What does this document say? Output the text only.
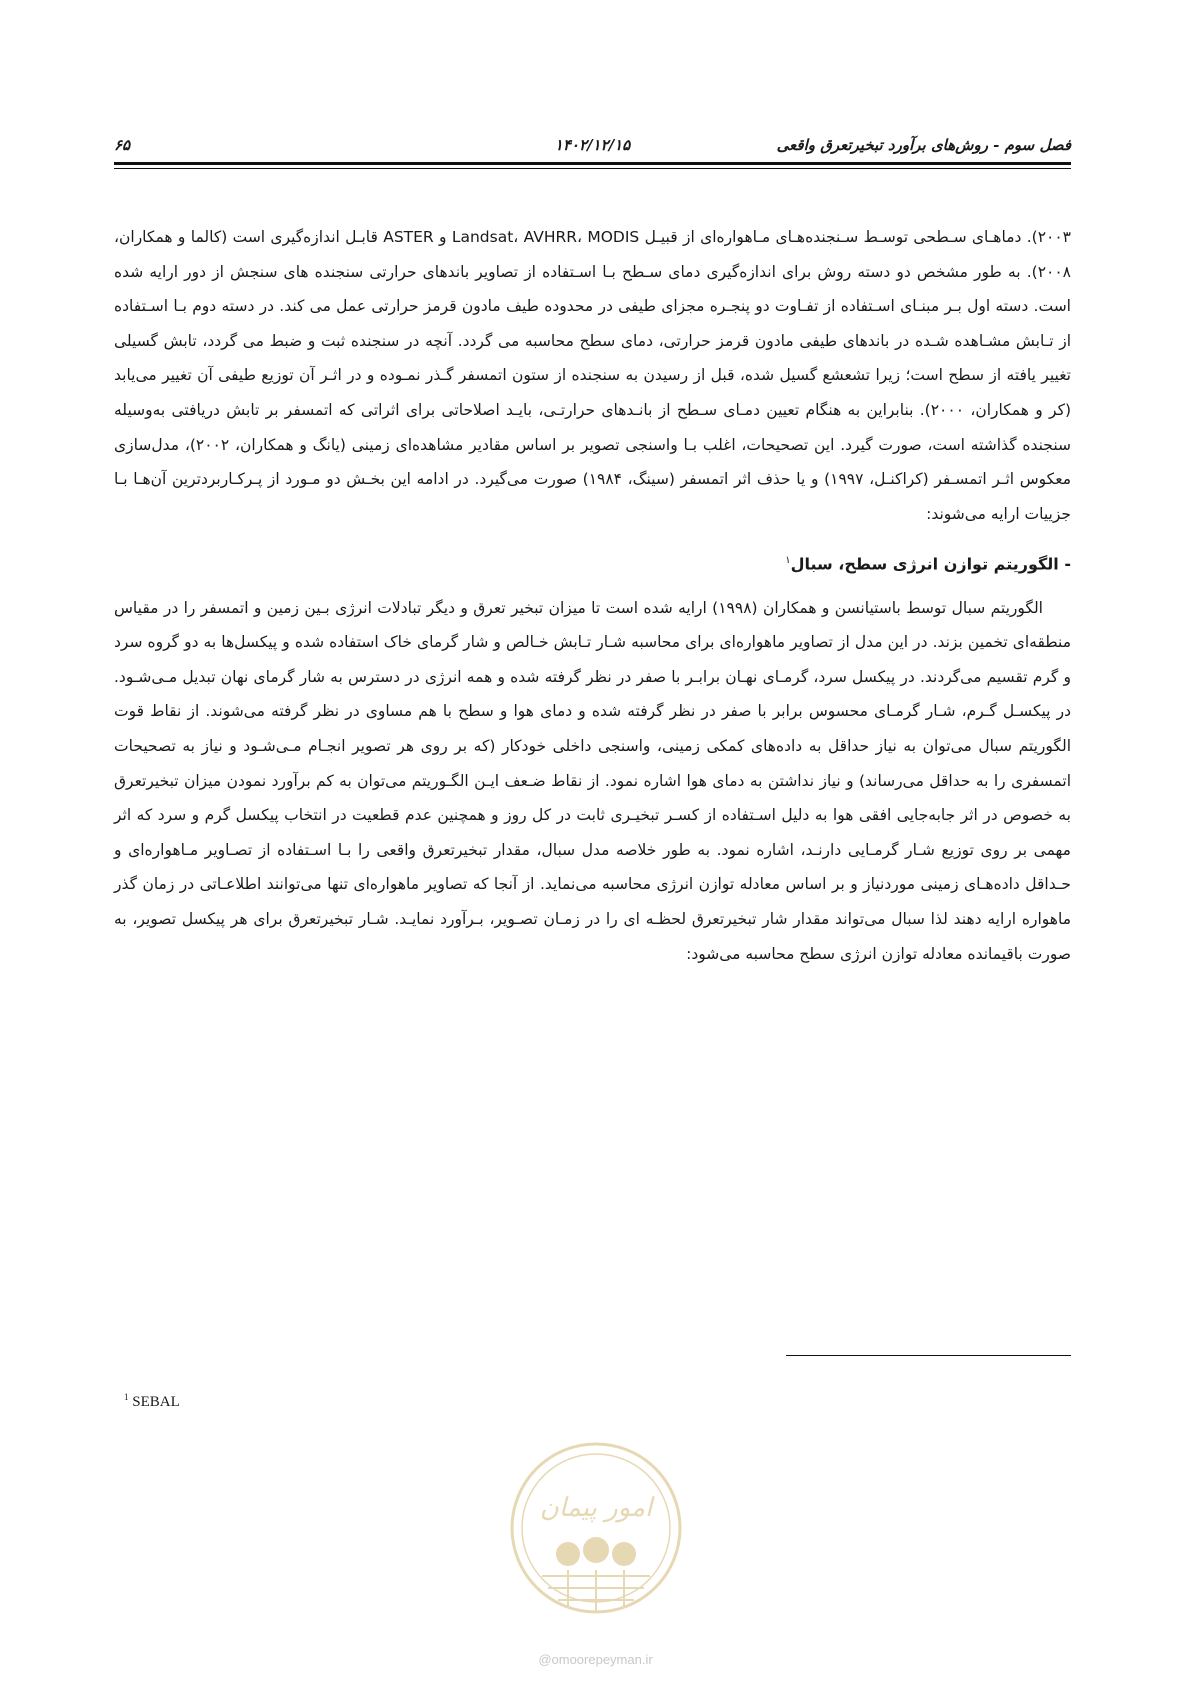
فصل سوم - روش‌های برآورد تبخیرتعرق واقعی
۱۴۰۲/۱۲/۱۵
۶۵

۲۰۰۳). دماهـای سـطحی توسـط سـنجنده‌هـای مـاهواره‌ای از قبیـل Landsat، AVHRR، MODIS و ASTER قابـل اندازه‌گیری است (کالما و همکاران، ۲۰۰۸). به طور مشخص دو دسته روش برای اندازه‌گیری دمای سـطح بـا اسـتفاده از تصاویر باندهای حرارتی سنجنده های سنجش از دور ارایه شده است. دسته اول بـر مبنـای اسـتفاده از تفـاوت دو پنجـره مجزای طیفی در محدوده طیف مادون قرمز حرارتی عمل می کند. در دسته دوم بـا اسـتفاده از تـابش مشـاهده شـده در باندهای طیفی مادون قرمز حرارتی، دمای سطح محاسبه می گردد. آنچه در سنجنده ثبت و ضبط می گردد، تابش گسیلی تغییر یافته از سطح است؛ زیرا تشعشع گسیل شده، قبل از رسیدن به سنجنده از ستون اتمسفر گـذر نمـوده و در اثـر آن توزیع طیفی آن تغییر می‌یابد (کر و همکاران، ۲۰۰۰). بنابراین به هنگام تعیین دمـای سـطح از بانـدهای حرارتـی، بایـد اصلاحاتی برای اثراتی که اتمسفر بر تابش دریافتی به‌وسیله سنجنده گذاشته است، صورت گیرد. این تصحیحات، اغلب بـا واسنجی تصویر بر اساس مقادیر مشاهده‌ای زمینی (یانگ و همکاران، ۲۰۰۲)، مدل‌سازی معکوس اثـر اتمسـفر (کراکنـل، ۱۹۹۷) و یا حذف اثر اتمسفر (سینگ، ۱۹۸۴) صورت می‌گیرد. در ادامه این بخـش دو مـورد از پـرکـاربردترین آن‌هـا بـا جزییات ارایه می‌شوند:

- الگوریتم توازن انرژی سطح، سبال$^۱$

الگوریتم سبال توسط باستیانسن و همکاران (۱۹۹۸) ارایه شده است تا میزان تبخیر تعرق و دیگر تبادلات انرژی بـین زمین و اتمسفر را در مقیاس منطقه‌ای تخمین بزند. در این مدل از تصاویر ماهواره‌ای برای محاسبه شـار تـابش خـالص و شار گرمای خاک استفاده شده و پیکسل‌ها به دو گروه سرد و گرم تقسیم می‌گردند. در پیکسل سرد، گرمـای نهـان برابـر با صفر در نظر گرفته شده و همه انرژی در دسترس به شار گرمای نهان تبدیل مـی‌شـود. در پیکسـل گـرم، شـار گرمـای محسوس برابر با صفر در نظر گرفته شده و دمای هوا و سطح با هم مساوی در نظر گرفته می‌شوند. از نقاط قوت الگوریتم سبال می‌توان به نیاز حداقل به داده‌های کمکی زمینی، واسنجی داخلی خودکار (که بر روی هر تصویر انجـام مـی‌شـود و نیاز به تصحیحات اتمسفری را به حداقل می‌رساند) و نیاز نداشتن به دمای هوا اشاره نمود. از نقاط ضـعف ایـن الگـوریتم می‌توان به کم برآورد نمودن میزان تبخیرتعرق به خصوص در اثر جابه‌جایی افقی هوا به دلیل اسـتفاده از کسـر تبخیـری ثابت در کل روز و همچنین عدم قطعیت در انتخاب پیکسل گرم و سرد که اثر مهمی بر روی توزیع شـار گرمـایی دارنـد، اشاره نمود. به طور خلاصه مدل سبال، مقدار تبخیرتعرق واقعی را بـا اسـتفاده از تصـاویر مـاهواره‌ای و حـداقل داده‌هـای زمینی موردنیاز و بر اساس معادله توازن انرژی محاسبه می‌نماید. از آنجا که تصاویر ماهواره‌ای تنها می‌توانند اطلاعـاتی در زمان گذر ماهواره ارایه دهند لذا سبال می‌تواند مقدار شار تبخیرتعرق لحظـه ای را در زمـان تصـویر، بـرآورد نمایـد. شـار تبخیرتعرق برای هر پیکسل تصویر، به صورت باقیمانده معادله توازن انرژی سطح محاسبه می‌شود:

$^1$ SEBAL
امور پیمان
@omoorepeyman.ir
